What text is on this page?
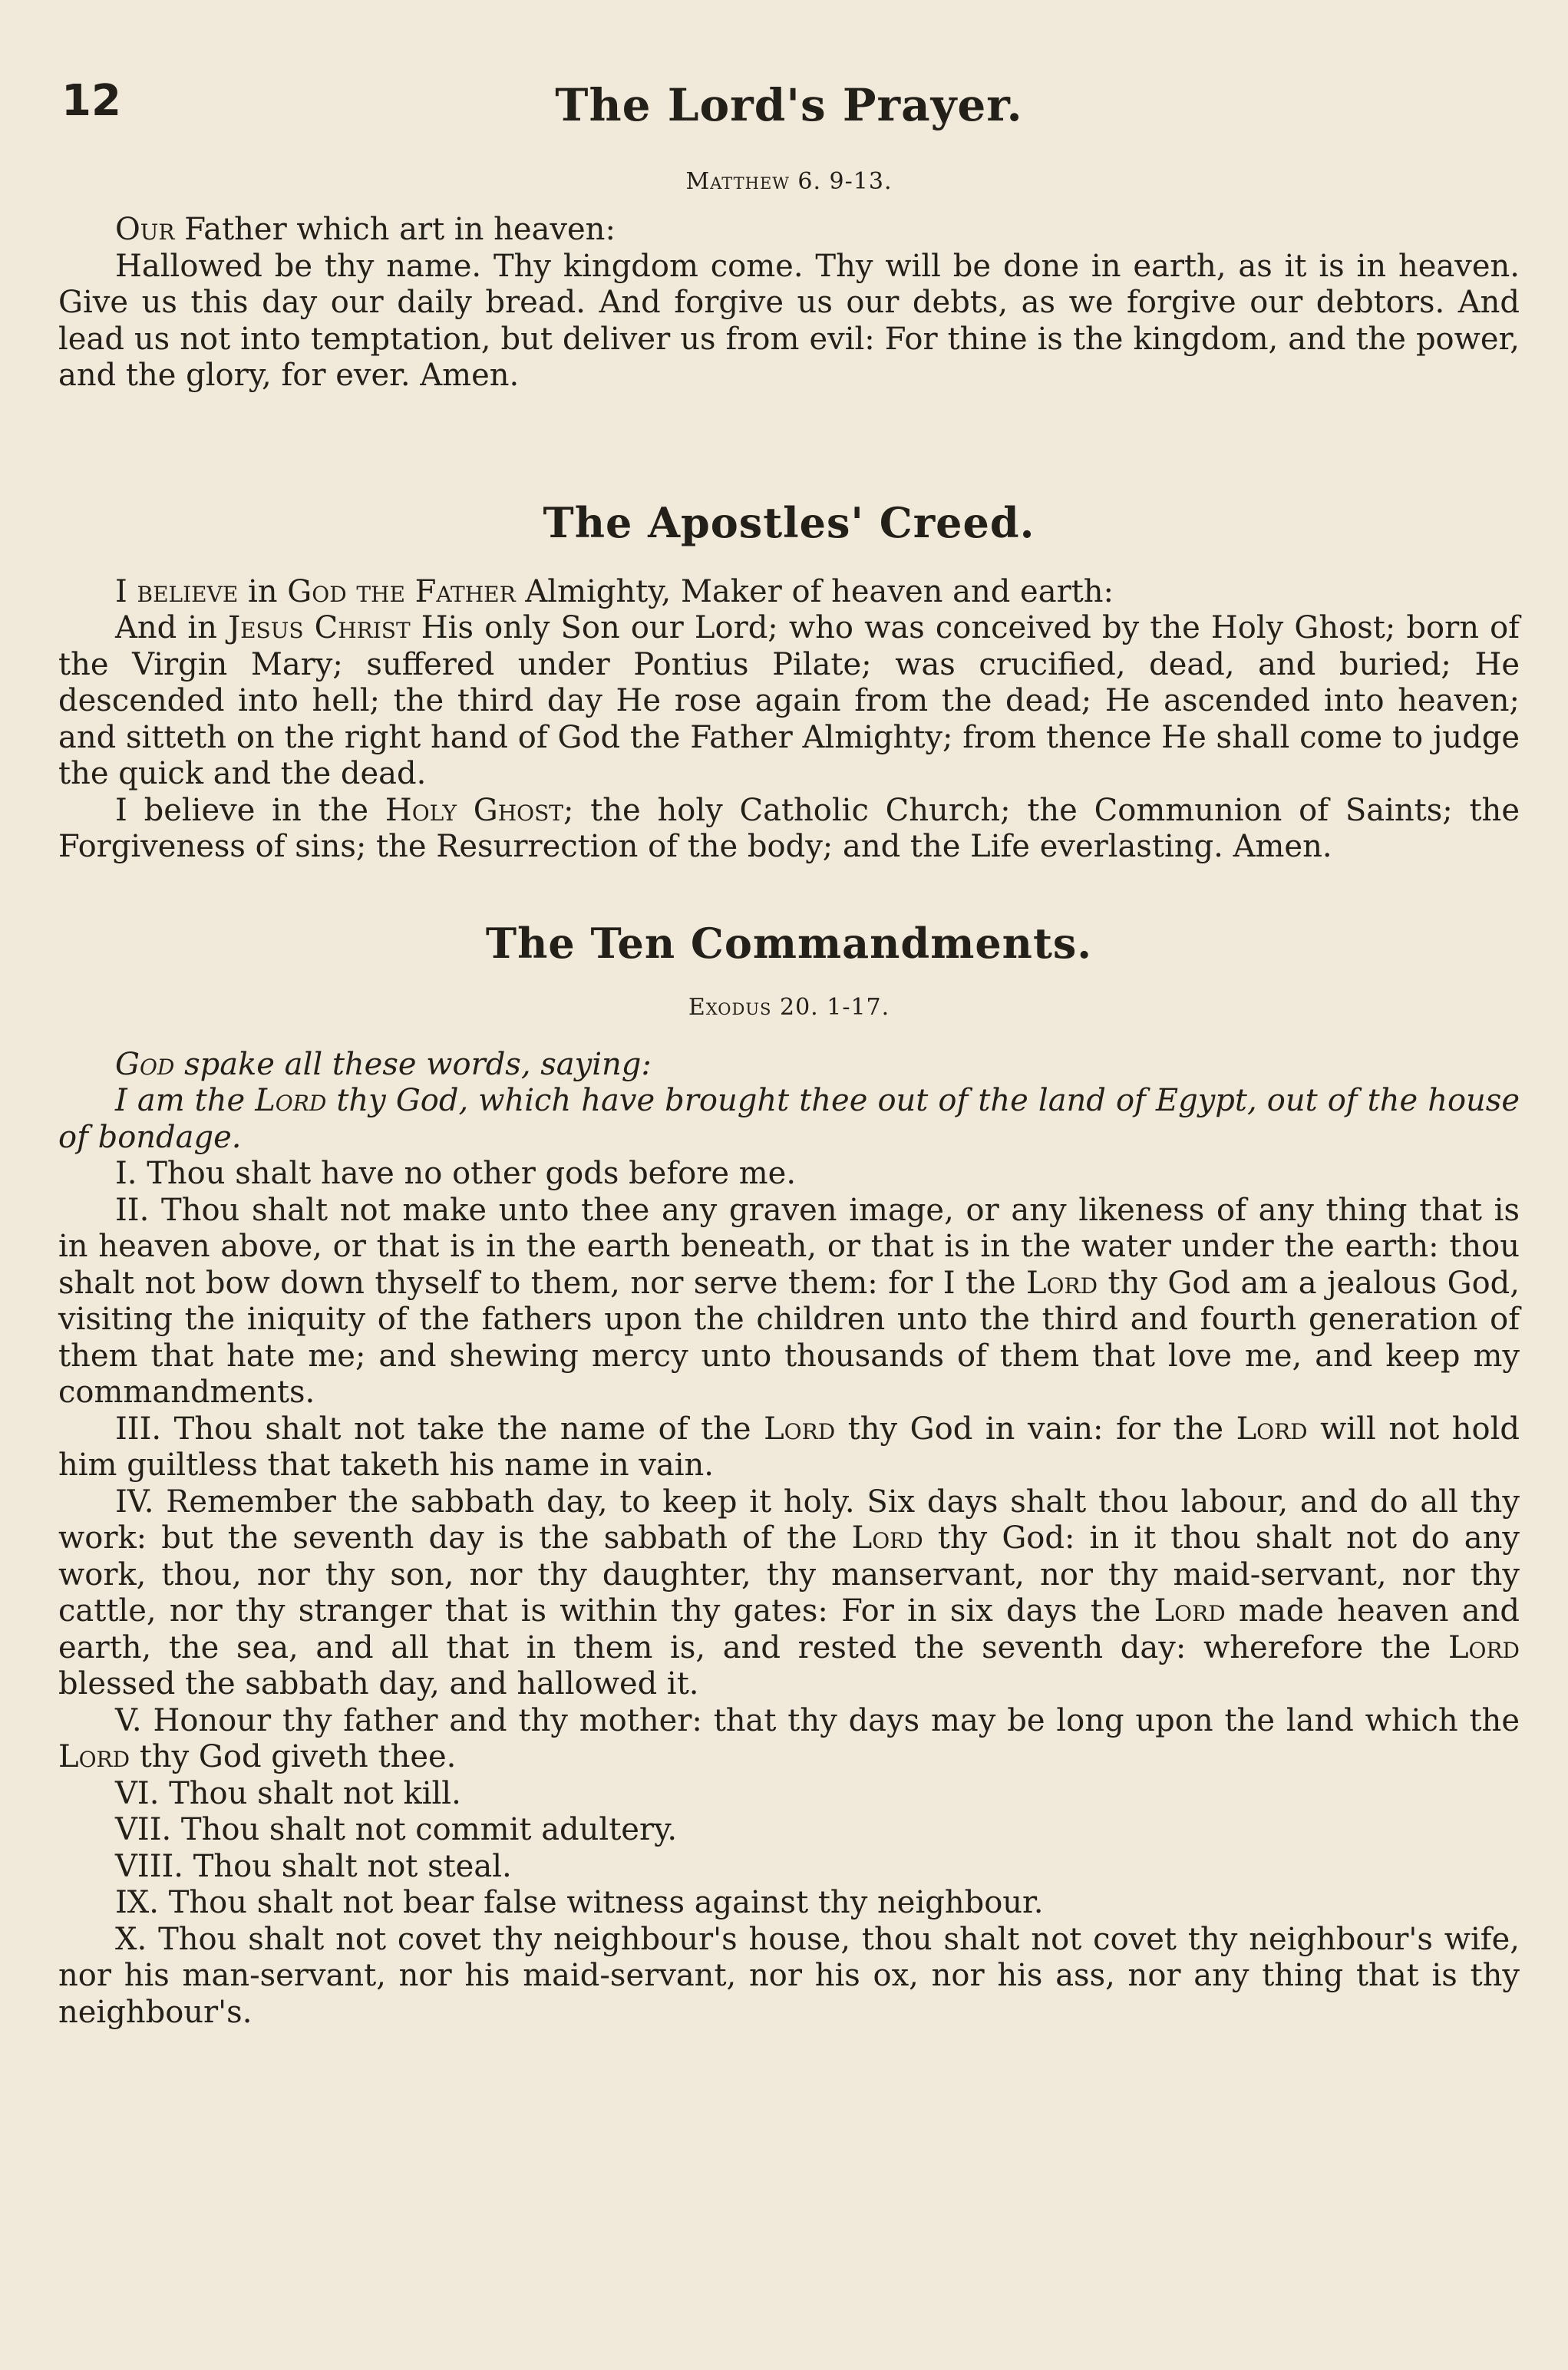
12	The Lord's Prayer.
Matthew 6. 9-13.

Our Father which art in heaven:

Hallowed be thy name. Thy kingdom come. Thy will be done in earth, as it is in heaven. Give us this day our daily bread. And forgive us our debts, as we forgive our debtors. And lead us not into temptation, but deliver us from evil: For thine is the kingdom, and the power, and the glory, for ever. Amen.

The Apostles' Creed.

I believe in God the Father Almighty, Maker of heaven and earth:

And in Jesus Christ His only Son our Lord; who was conceived by the Holy Ghost; born of the Virgin Mary; suffered under Pontius Pilate; was crucified, dead, and buried; He descended into hell; the third day He rose again from the dead; He ascended into heaven; and sitteth on the right hand of God the Father Almighty; from thence He shall come to judge the quick and the dead.

I believe in the Holy Ghost; the holy Catholic Church; the Communion of Saints; the Forgiveness of sins; the Resurrection of the body; and the Life everlasting. Amen.

The Ten Commandments.
Exodus 20. 1-17.

God spake all these words, saying:

I am the Lord thy God, which have brought thee out of the land of Egypt, out of the house of bondage.

I. Thou shalt have no other gods before me.

II. Thou shalt not make unto thee any graven image, or any likeness of any thing that is in heaven above, or that is in the earth beneath, or that is in the water under the earth: thou shalt not bow down thyself to them, nor serve them: for I the Lord thy God am a jealous God, visiting the iniquity of the fathers upon the children unto the third and fourth generation of them that hate me; and shewing mercy unto thousands of them that love me, and keep my commandments.

III. Thou shalt not take the name of the Lord thy God in vain: for the Lord will not hold him guiltless that taketh his name in vain.

IV. Remember the sabbath day, to keep it holy. Six days shalt thou labour, and do all thy work: but the seventh day is the sabbath of the Lord thy God: in it thou shalt not do any work, thou, nor thy son, nor thy daughter, thy manservant, nor thy maid-servant, nor thy cattle, nor thy stranger that is within thy gates: For in six days the Lord made heaven and earth, the sea, and all that in them is, and rested the seventh day: wherefore the Lord blessed the sabbath day, and hallowed it.

V. Honour thy father and thy mother: that thy days may be long upon the land which the Lord thy God giveth thee.

VI. Thou shalt not kill.

VII. Thou shalt not commit adultery.

VIII. Thou shalt not steal.

IX. Thou shalt not bear false witness against thy neighbour.

X. Thou shalt not covet thy neighbour's house, thou shalt not covet thy neighbour's wife, nor his man-servant, nor his maid-servant, nor his ox, nor his ass, nor any thing that is thy neighbour's.
